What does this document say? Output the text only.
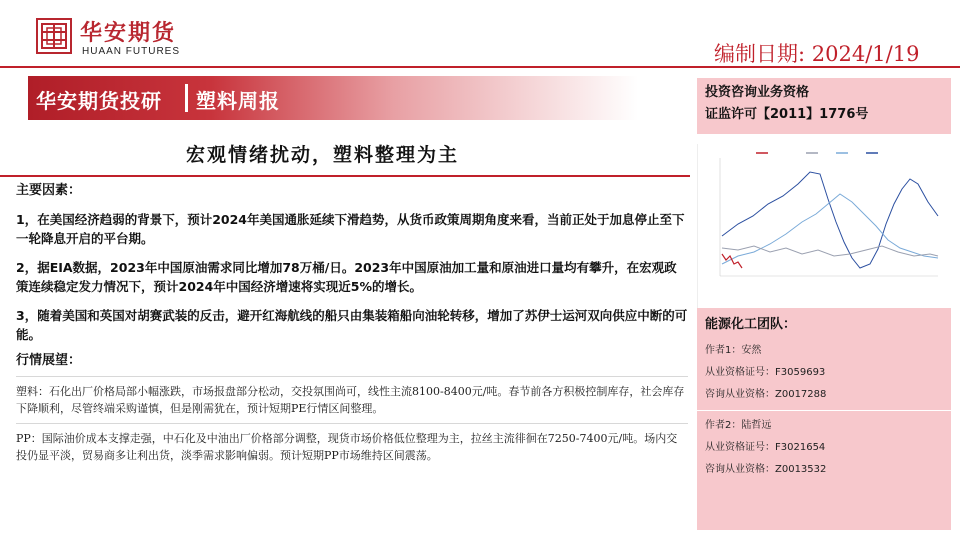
华安期货
HUAAN FUTURES	编制日期: 2024/1/19
华安期货投研 塑料周报
宏观情绪扰动，塑料整理为主
主要因素：
1，在美国经济趋弱的背景下，预计2024年美国通胀延续下滑趋势，从货币政策周期角度来看，当前正处于加息停止至下一轮降息开启的平台期。
2，据EIA数据，2023年中国原油需求同比增加78万桶/日。2023年中国原油加工量和原油进口量均有攀升，在宏观政策连续稳定发力情况下，预计2024年中国经济增速将实现近5%的增长。
3，随着美国和英国对胡赛武装的反击，避开红海航线的船只由集装箱船向油轮转移，增加了苏伊士运河双向供应中断的可能。
行情展望：
塑料：石化出厂价格局部小幅涨跌，市场报盘部分松动，交投氛围尚可，线性主流8100-8400元/吨。春节前各方积极控制库存，社会库存下降顺利，尽管终端采购谨慎，但是刚需犹在，预计短期PE行情区间整理。
PP：国际油价成本支撑走强，中石化及中油出厂价格部分调整，现货市场价格低位整理为主，拉丝主流徘徊在7250-7400元/吨。场内交投仍显平淡，贸易商多让利出货，淡季需求影响偏弱。预计短期PP市场维持区间震荡。
投资咨询业务资格
证监许可【2011】1776号
能源化工团队：
作者1：安然
从业资格证号：F3059693
咨询从业资格：Z0017288
作者2：陆哲远
从业资格证号：F3021654
咨询从业资格：Z0013532
